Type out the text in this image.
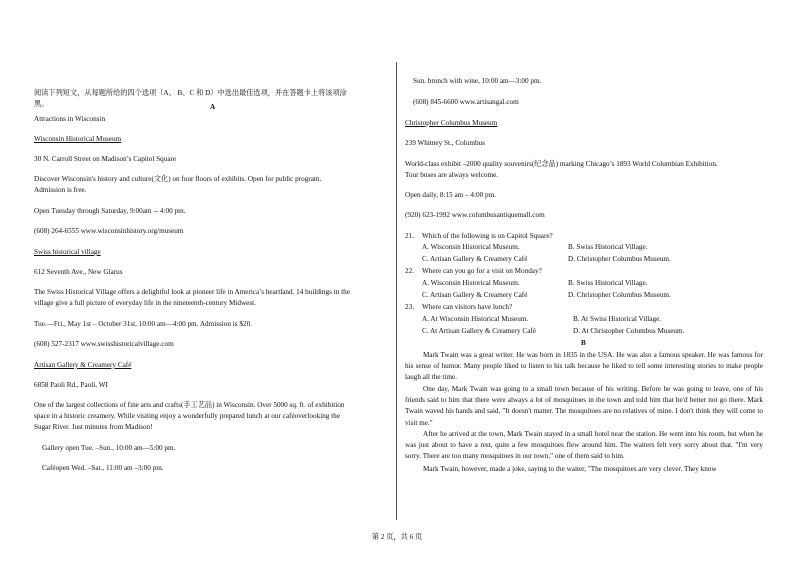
阅读下列短文，从每题所给的四个选项（A、 B、C 和 D）中选出最佳选项，并在答题卡上将该项涂
黑。	A
Attractions in Wisconsin
Wisconsin Historical Museum
30 N. Carroll Street on Madison’s Capitol Square
Discover Wisconsin's history and culture(文化) on four floors of exhibits. Open for public program.
Admission is free.
Open Tuesday through Saturday, 9:00am -- 4:00 pm.
(608) 264-6555 www.wisconsinhistory.org/museum
Swiss historical village
612 Seventh Ave., New Glarus
The Swiss Historical Village offers a delightful look at pioneer life in America’s heartland. 14 buildings in the
village give a full picture of everyday life in the nineteenth-century Midwest.
Tue.—Fri., May 1st – October 31st, 10:00 am—4:00 pm. Admission is $20.
(608) 527-2317 www.swisshistoricalvillage.com
Artisan Gallery & Creamery Café
6858 Paoli Rd., Paoli, WI
One of the largest collections of fine arts and crafts(手工艺品) in Wisconsin. Over 5000 sq. ft. of exhibition
space in a historic creamery. While visiting enjoy a wonderfully prepared lunch at our caféoverlooking the
Sugar River. Just minutes from Madison!
Gallery open Tue. –Sun., 10:00 am—5:00 pm.
Caféopen Wed. –Sat., 11:00 am –3:00 pm.
Sun. brunch with wine, 10:00 am—3:00 pm.
(608) 845-6600 www.artisangal.com
Christopher Columbus Museum
239 Whitney St., Columbus
World-class exhibit –2000 quality souvenirs(纪念品) marking Chicago’s 1893 World Columbian Exhibition.
Tour buses are always welcome.
Open daily, 8:15 am – 4:00 pm.
(920) 623-1992 www.columbusantiquemall.com
21. Which of the following is on Capitol Square?
A. Wisconsin Historical Museum.	B. Swiss Historical Village.
C. Artisan Gallery & Creamery Café	D. Christopher Columbus Museum.
22. Where can you go for a visit on Monday?
A. Wisconsin Historical Museum.	B. Swiss Historical Village.
C. Artisan Gallery & Creamery Café	D. Christopher Columbus Museum.
23. Where can visitors have lunch?
A. At Wisconsin Historical Museum.	B. At Swiss Historical Village.
C. At Artisan Gallery & Creamery Café	D. At Christopher Columbus Museum.
B
Mark Twain was a great writer. He was born in 1835 in the USA. He was also a famous speaker. He was famous for his sense of humor. Many people liked to listen to his talk because he liked to tell some interesting stories to make people laugh all the time.
One day, Mark Twain was going to a small town because of his writing. Before he was going to leave, one of his friends said to him that there were always a lot of mosquitoes in the town and told him that he'd better not go there. Mark Twain waved his hands and said, "It doesn't matter. The mosquitoes are no relatives of mine. I don't think they will come to visit me."
After he arrived at the town, Mark Twain stayed in a small hotel near the station. He went into his room, but when he was just about to have a rest, quite a few mosquitoes flew around him. The waiters felt very sorry about that. "I'm very sorry. There are too many mosquitoes in our town," one of them said to him.
Mark Twain, however, made a joke, saying to the waiter, "The mosquitoes are very clever. They know
第 2 页，共 6 页
